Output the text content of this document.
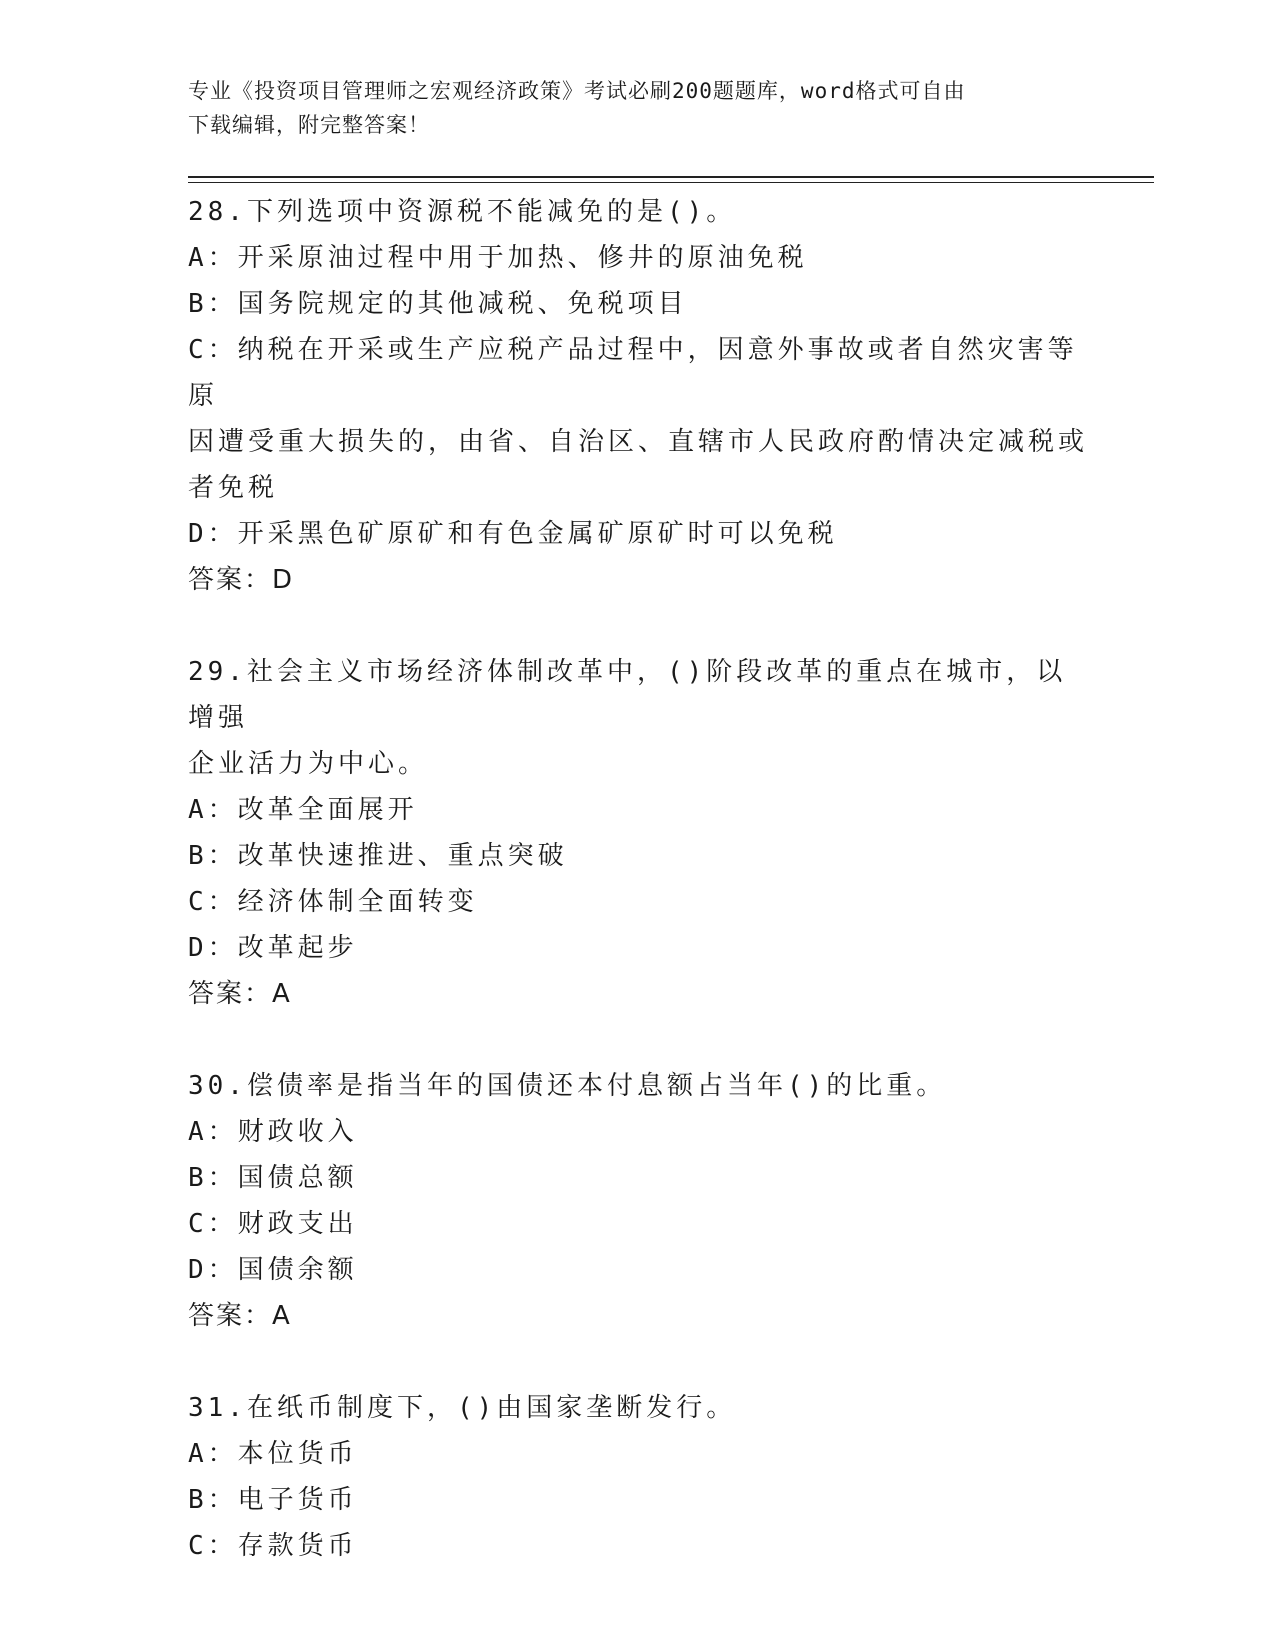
专业《投资项目管理师之宏观经济政策》考试必刷200题题库，word格式可自由
下载编辑，附完整答案！
28.下列选项中资源税不能减免的是()。
A：开采原油过程中用于加热、修井的原油免税
B：国务院规定的其他减税、免税项目
C：纳税在开采或生产应税产品过程中，因意外事故或者自然灾害等原
因遭受重大损失的，由省、自治区、直辖市人民政府酌情决定减税或
者免税
D：开采黑色矿原矿和有色金属矿原矿时可以免税
答案：D
29.社会主义市场经济体制改革中，()阶段改革的重点在城市，以增强
企业活力为中心。
A：改革全面展开
B：改革快速推进、重点突破
C：经济体制全面转变
D：改革起步
答案：A
30.偿债率是指当年的国债还本付息额占当年()的比重。
A：财政收入
B：国债总额
C：财政支出
D：国债余额
答案：A
31.在纸币制度下，()由国家垄断发行。
A：本位货币
B：电子货币
C：存款货币
